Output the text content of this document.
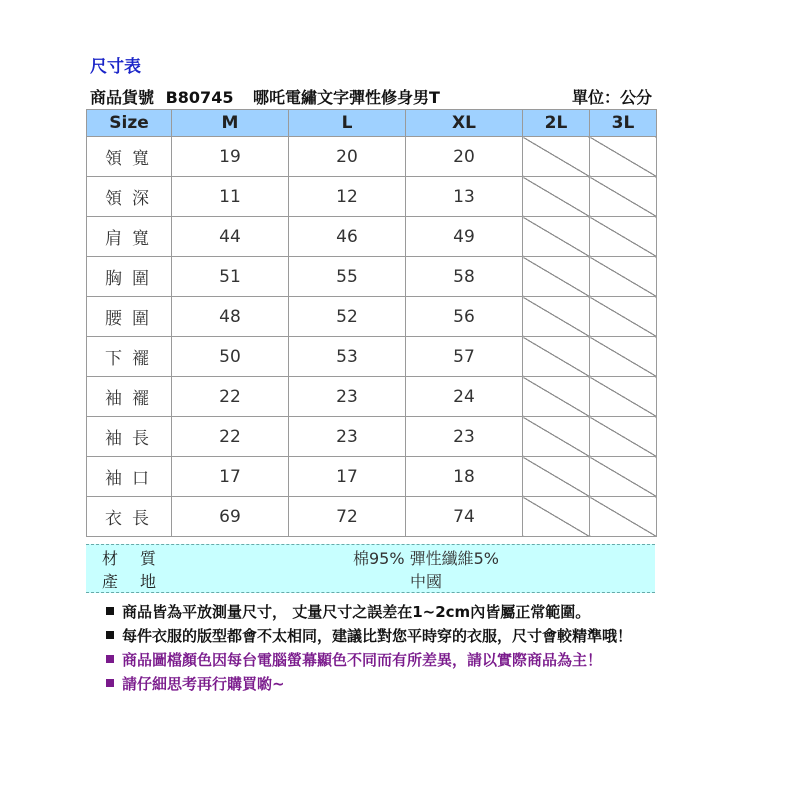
尺寸表
商品貨號 B80745 哪吒電繡文字彈性修身男T	單位：公分
Size	M	L	XL	2L	3L
領寬	19	20	20		
領深	11	12	13		
肩寬	44	46	49		
胸圍	51	55	58		
腰圍	48	52	56		
下襬	50	53	57		
袖襬	22	23	24		
袖長	22	23	23		
袖口	17	17	18		
衣長	69	72	74		
材質	棉95% 彈性纖維5%
產地	中國
商品皆為平放測量尺寸， 丈量尺寸之誤差在1~2cm內皆屬正常範圍。
每件衣服的版型都會不太相同，建議比對您平時穿的衣服，尺寸會較精準哦！
商品圖檔顏色因每台電腦螢幕顯色不同而有所差異，請以實際商品為主！
請仔細思考再行購買喲~
